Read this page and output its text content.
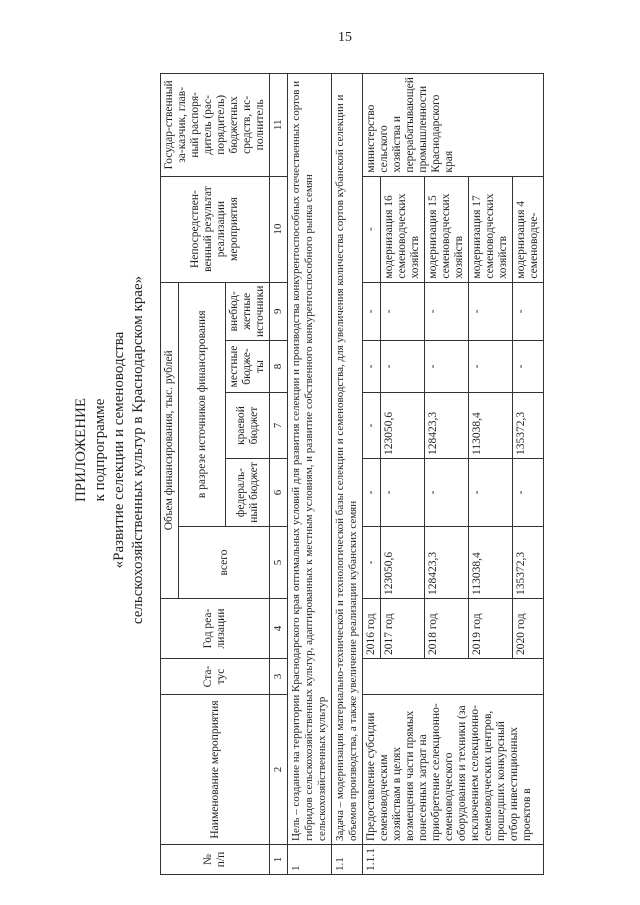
15
ПРИЛОЖЕНИЕ к подпрограмме «Развитие селекции и семеноводства сельскохозяйственных культур в Краснодарском крае»
№ п/п	Наименование мероприятия	Ста-тус	Год реа-лизации	Объем финансирования, тыс. рублей					Непосредствен-венный результат реализации мероприятия	Государ-ственный за-казчик, глав-ный распоря-дитель (рас-порядитель) бюджетных средств, ис-полнитель
				всего	в разрезе источников финансирования					
					федераль-ный бюджет	краевой бюджет	местные бюдже-ты	внебюд-жетные источники		
1	2	3	4	5	6	7	8	9	10	11
1	Цель – создание на территории Краснодарского края оптимальных условий для развития селекции и производства конкурентоспособных отечественных сортов и гибридов сельскохозяйственных культур, адаптированных к местным условиям, и развитие собственного конкурентоспособного рынка семян сельскохозяйственных культур									
1.1	Задача – модернизация материально-технической и технологической базы селекции и семеноводства, для увеличения количества сортов кубанской селекции и объемов производства, а также увеличение реализации кубанских семян									
1.1.1	Предоставление субсидии семеноводческим хозяйствам в целях возмещения части прямых понесенных затрат на приобретение селекционно-семеноводческого оборудования и техники (за исключением селекционно-семеноводческих центров, прошедших конкурсный отбор инвестиционных проектов в		2016 год	-	-	-	-	-	-	министерство сельского хозяйства и перерабатывающей промышленности Краснодарского края
			2017 год	123050,6	-	123050,6	-	-	модернизация 16 семеноводческих хозяйств	
			2018 год	128423,3	-	128423,3	-	-	модернизация 15 семеноводческих хозяйств	
			2019 год	113038,4	-	113038,4	-	-	модернизация 17 семеноводческих хозяйств	
			2020 год	135372,3	-	135372,3	-	-	модернизация 4 семеноводче-	
